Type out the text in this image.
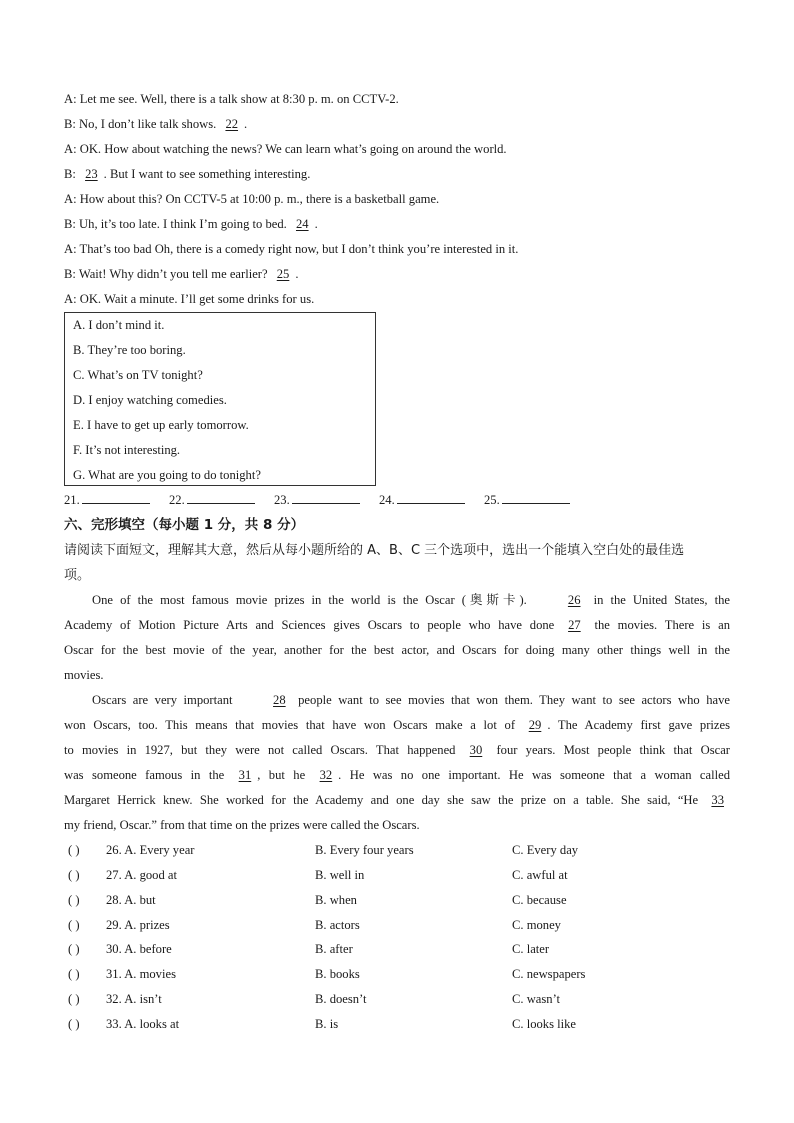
A: Let me see. Well, there is a talk show at 8:30 p. m. on CCTV-2.
B: No, I don’t like talk shows. 22 .
A: OK. How about watching the news? We can learn what’s going on around the world.
B: 23 . But I want to see something interesting.
A: How about this? On CCTV-5 at 10:00 p. m., there is a basketball game.
B: Uh, it’s too late. I think I’m going to bed. 24 .
A: That’s too bad Oh, there is a comedy right now, but I don’t think you’re interested in it.
B: Wait! Why didn’t you tell me earlier? 25 .
A: OK. Wait a minute. I’ll get some drinks for us.
A. I don’t mind it.
B. They’re too boring.
C. What’s on TV tonight?
D. I enjoy watching comedies.
E. I have to get up early tomorrow.
F. It’s not interesting.
G. What are you going to do tonight?
21.	22.	23.	24.	25.
六、完形填空（每小题 1 分，共 8 分）
请阅读下面短文，理解其大意，然后从每小题所给的 A、B、C 三个选项中，选出一个能填入空白处的最佳选
项。
One of the most famous movie prizes in the world is the Oscar (奥斯卡).	26 in the United States, the
Academy of Motion Picture Arts and Sciences gives Oscars to people who have done 27 the movies. There is an
Oscar for the best movie of the year, another for the best actor, and Oscars for doing many other things well in the
movies.
Oscars are very important	28 people want to see movies that won them. They want to see actors who have
won Oscars, too. This means that movies that have won Oscars make a lot of 29 . The Academy first gave prizes
to movies in 1927, but they were not called Oscars. That happened 30 four years. Most people think that Oscar
was someone famous in the 31 , but he 32 . He was no one important. He was someone that a woman called
Margaret Herrick knew. She worked for the Academy and one day she saw the prize on a table. She said, “He 33
my friend, Oscar.” from that time on the prizes were called the Oscars.
( ) 26. A. Every year	B. Every four years	C. Every day
( ) 27. A. good at	B. well in	C. awful at
( ) 28. A. but	B. when	C. because
( ) 29. A. prizes	B. actors	C. money
( ) 30. A. before	B. after	C. later
( ) 31. A. movies	B. books	C. newspapers
( ) 32. A. isn’t	B. doesn’t	C. wasn’t
( ) 33. A. looks at	B. is	C. looks like
